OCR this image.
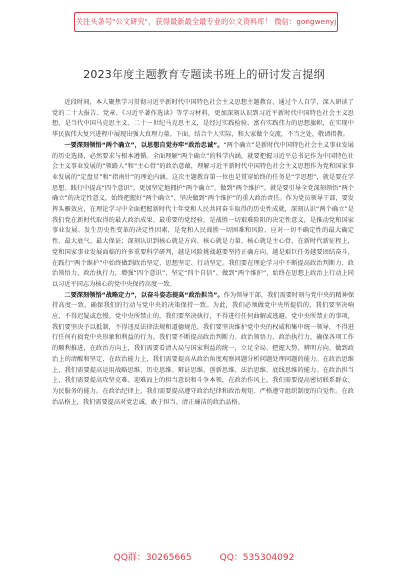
关注头条号"公文研究"，获得最新最全最专业的公文资料库！ 微信：gongwenyj
2023年度主题教育专题读书班上的研讨发言提纲

近段时间，本人聚焦学习贯彻习近平新时代中国特色社会主义思想主题教育，通过个人自学，深入研读了党的二十大报告、党章、《习近平著作选读》等学习材料，更加深刻认识到习近平新时代中国特色社会主义思想，是当代中国马克思主义、二十一世纪马克思主义，是经过实践检验、富有实践伟力的思想旗帜，在实现中华民族伟大复兴进程中展现出强大真理力量。下面，结合个人实际，和大家做个交流，不当之处，敬请指教。

一要深刻领悟“两个确立”，以思想自觉夯牢“政治忠诚”。“两个确立”是新时代中国特色社会主义事业发展的历史选择，必然要求与根本遵循。全面理解“两个确立”的科学内涵，就要把握习近平总书记作为中国特色社会主义事业发展的“领路人”和“主心骨”的政治意蕴，理解习近平新时代中国特色社会主义思想作为党和国家事业发展的“定盘星”和“指南针”的理论内涵。这次主题教育第一位也是贯穿始终的任务是“学思想”，就是要在学思想、践行中提高“四个意识”，更加坚定地拥护“两个确立”、做到“两个维护”。就是要引导全党深刻领悟“两个确立”的决定性意义，始终把握好“两个确立”、坚决做到“两个维护”的重大政治责任。作为党员领导干部，要发挥头雁效应，在理论学习中全面把握新时代十年党和人民共同奋斗取得的历史性成就，深刻认识“两个确立”是我们党在新时代取得的最大政治成果、最重要的党经验，是战胜一切艰难险阻的决定性意义，是推动党和国家事业发展、发生历史性变革的决定性因素，是党和人民战胜一切困难和风险、应对一切不确定性的最大确定性、最大底气、最大保证；深刻认识到核心就是方向、核心就是力量、核心就是主心骨，在新时代新征程上，党和国家事业发展面临的许多重要科学研判，越是风险挑战越要坚持正确方向、越是艰巨任务越要团结奋斗，在践行“两个维护”中始终做到政治坚定、思想坚定、行动坚定。我们要在理论学习中不断提高政治判断力、政治领悟力、政治执行力，增强“四个意识”、坚定“四个自信”、做到“两个维护”，始终在思想上政治上行动上同以习近平同志为核心的党中央保持高度一致。

二要深刻领悟“战略定力”，以奋斗姿态提高“政治担当”。作为领导干部，我们需要时刻与党中央的精神保持高度一致，确保我们的行动与党中央的决策保持一致。为此，我们必须做党中央所提倡的，我们要坚决响应，不得迟疑或怠慢。党中央所禁止的，我们要坚决执行，不得进行任何曲解或逃避。党中央所禁止的事项，我们要坚决予以抵制，不得违反法律法规和道德规范。我们要坚决维护党中央的权威和集中统一领导，不得进行任何有损党中央形象和利益的行为。我们要不断提高政治判断力、政治领悟力、政治执行力，确保各项工作的顺利推进，在政治方向上，我们需要看清大局与国家利益的统一，立足全局、把握大势、辨明方向、做到政治上的清醒和坚定，在政治能力上，我们需要提高从政治角度观察问题分析问题处理问题的能力。在政治思维上，我们需要提高运用战略思维、历史思维、辩证思维、创新思维、法治思维、底线思维的能力。在政治担当上，我们需要提高攻坚克难、迎难而上的担当意识和斗争本领，在政治作风上，我们需要提高密切联系群众、为民服务的能力。在政治纪律上，我们需要提高遵守政治纪律和政治规矩、严格遵守组织制度的自觉性。在政治品格上，我们需要提高对党忠诚、敢于担当、清正廉洁的政治品格。

QQ群：30265665	QQ：535304092
